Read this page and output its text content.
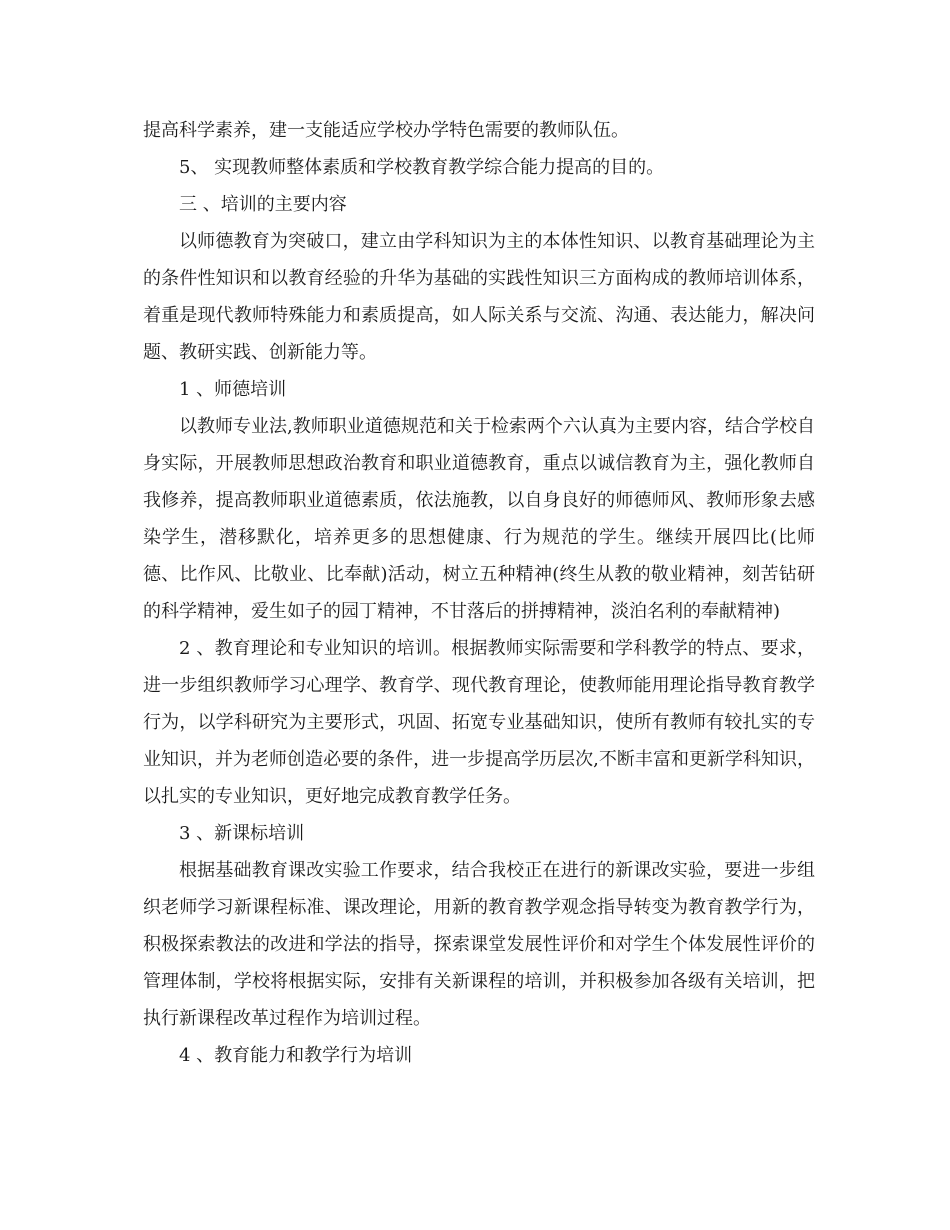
提高科学素养，建一支能适应学校办学特色需要的教师队伍。

5、 实现教师整体素质和学校教育教学综合能力提高的目的。

三 、培训的主要内容

以师德教育为突破口，建立由学科知识为主的本体性知识、以教育基础理论为主的条件性知识和以教育经验的升华为基础的实践性知识三方面构成的教师培训体系，着重是现代教师特殊能力和素质提高，如人际关系与交流、沟通、表达能力，解决问题、教研实践、创新能力等。

1 、师德培训

以教师专业法,教师职业道德规范和关于检索两个六认真为主要内容，结合学校自身实际，开展教师思想政治教育和职业道德教育，重点以诚信教育为主，强化教师自我修养，提高教师职业道德素质，依法施教，以自身良好的师德师风、教师形象去感染学生，潜移默化，培养更多的思想健康、行为规范的学生。继续开展四比(比师德、比作风、比敬业、比奉献)活动，树立五种精神(终生从教的敬业精神，刻苦钻研的科学精神，爱生如子的园丁精神，不甘落后的拼搏精神，淡泊名利的奉献精神)

2 、教育理论和专业知识的培训。根据教师实际需要和学科教学的特点、要求，进一步组织教师学习心理学、教育学、现代教育理论，使教师能用理论指导教育教学行为，以学科研究为主要形式，巩固、拓宽专业基础知识，使所有教师有较扎实的专业知识，并为老师创造必要的条件，进一步提高学历层次,不断丰富和更新学科知识，以扎实的专业知识，更好地完成教育教学任务。

3 、新课标培训

根据基础教育课改实验工作要求，结合我校正在进行的新课改实验，要进一步组织老师学习新课程标准、课改理论，用新的教育教学观念指导转变为教育教学行为，积极探索教法的改进和学法的指导，探索课堂发展性评价和对学生个体发展性评价的管理体制，学校将根据实际，安排有关新课程的培训，并积极参加各级有关培训，把执行新课程改革过程作为培训过程。

4 、教育能力和教学行为培训
